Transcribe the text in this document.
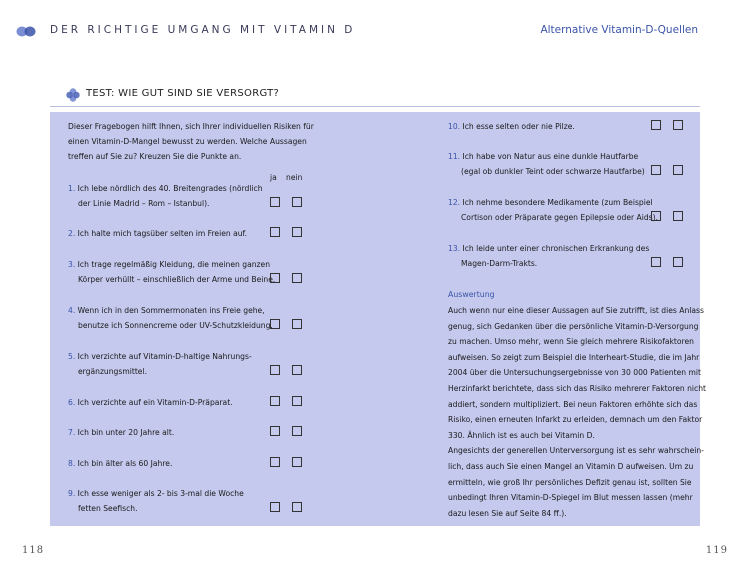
DER RICHTIGE UMGANG MIT VITAMIN D	Alternative Vitamin-D-Quellen
TEST: WIE GUT SIND SIE VERSORGT?
Dieser Fragebogen hilft Ihnen, sich Ihrer individuellen Risiken für
einen Vitamin-D-Mangel bewusst zu werden. Welche Aussagen
treffen auf Sie zu? Kreuzen Sie die Punkte an.
ja nein
1. Ich lebe nördlich des 40. Breitengrades (nördlich
der Linie Madrid – Rom – Istanbul).
2. Ich halte mich tagsüber selten im Freien auf.
3. Ich trage regelmäßig Kleidung, die meinen ganzen
Körper verhüllt – einschließlich der Arme und Beine.
4. Wenn ich in den Sommermonaten ins Freie gehe,
benutze ich Sonnencreme oder UV-Schutzkleidung.
5. Ich verzichte auf Vitamin-D-haltige Nahrungs-
ergänzungsmittel.
6. Ich verzichte auf ein Vitamin-D-Präparat.
7. Ich bin unter 20 Jahre alt.
8. Ich bin älter als 60 Jahre.
9. Ich esse weniger als 2- bis 3-mal die Woche
fetten Seefisch.
10. Ich esse selten oder nie Pilze.
11. Ich habe von Natur aus eine dunkle Hautfarbe
(egal ob dunkler Teint oder schwarze Hautfarbe)
12. Ich nehme besondere Medikamente (zum Beispiel
Cortison oder Präparate gegen Epilepsie oder Aids).
13. Ich leide unter einer chronischen Erkrankung des
Magen-Darm-Trakts.
Auswertung
Auch wenn nur eine dieser Aussagen auf Sie zutrifft, ist dies Anlass
genug, sich Gedanken über die persönliche Vitamin-D-Versorgung
zu machen. Umso mehr, wenn Sie gleich mehrere Risikofaktoren
aufweisen. So zeigt zum Beispiel die Interheart-Studie, die im Jahr
2004 über die Untersuchungsergebnisse von 30 000 Patienten mit
Herzinfarkt berichtete, dass sich das Risiko mehrerer Faktoren nicht
addiert, sondern multipliziert. Bei neun Faktoren erhöhte sich das
Risiko, einen erneuten Infarkt zu erleiden, demnach um den Faktor
330. Ähnlich ist es auch bei Vitamin D.
Angesichts der generellen Unterversorgung ist es sehr wahrschein-
lich, dass auch Sie einen Mangel an Vitamin D aufweisen. Um zu
ermitteln, wie groß Ihr persönliches Defizit genau ist, sollten Sie
unbedingt Ihren Vitamin-D-Spiegel im Blut messen lassen (mehr
dazu lesen Sie auf Seite 84 ff.).
118	119
